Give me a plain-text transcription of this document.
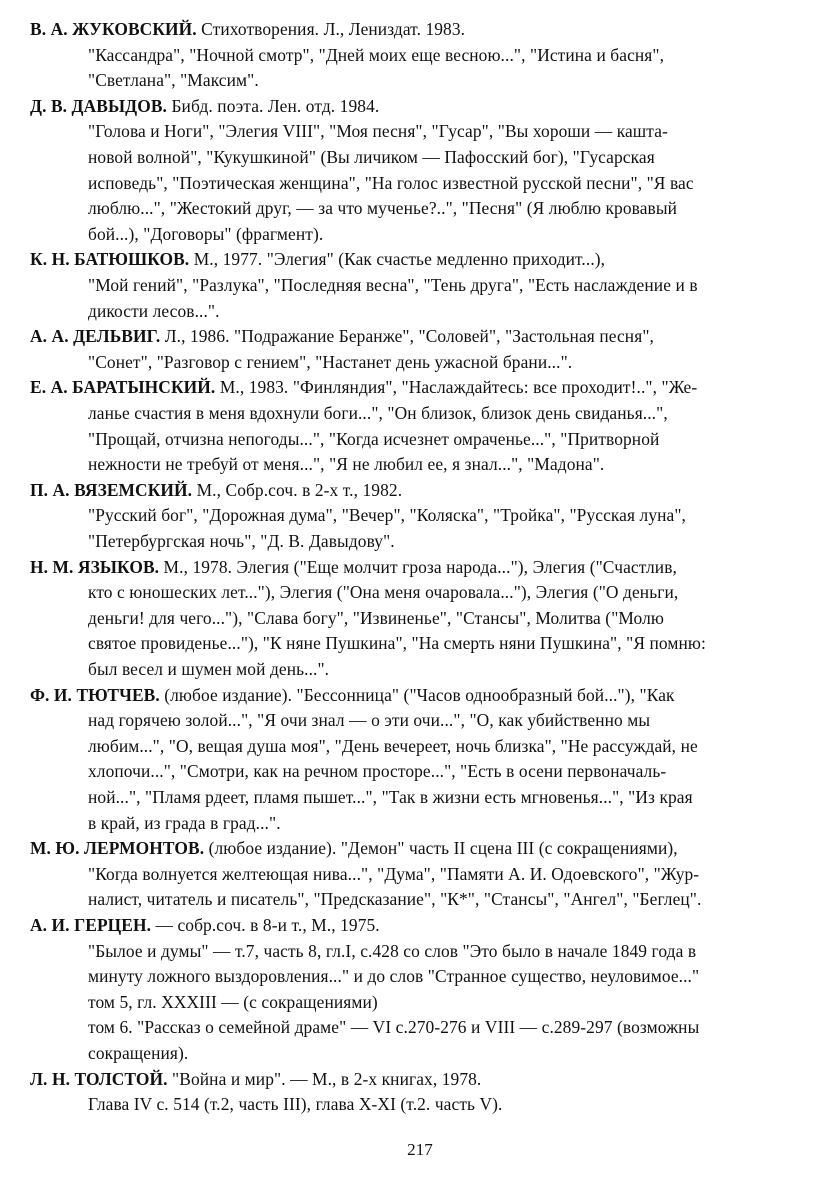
В. А. ЖУКОВСКИЙ. Стихотворения. Л., Лениздат. 1983.
"Кассандра", "Ночной смотр", "Дней моих еще весною...", "Истина и басня",
"Светлана", "Максим".
Д. В. ДАВЫДОВ. Бибд. поэта. Лен. отд. 1984.
"Голова и Ноги", "Элегия VIII", "Моя песня", "Гусар", "Вы хороши — кашта-
новой волной", "Кукушкиной" (Вы личиком — Пафосский бог), "Гусарская
исповедь", "Поэтическая женщина", "На голос известной русской песни", "Я вас
люблю...", "Жестокий друг, — за что мученье?..", "Песня" (Я люблю кровавый
бой...), "Договоры" (фрагмент).
К. Н. БАТЮШКОВ. М., 1977. "Элегия" (Как счастье медленно приходит...),
"Мой гений", "Разлука", "Последняя весна", "Тень друга", "Есть наслаждение и в
дикости лесов...".
А. А. ДЕЛЬВИГ. Л., 1986. "Подражание Беранже", "Соловей", "Застольная песня",
"Сонет", "Разговор с гением", "Настанет день ужасной брани...".
Е. А. БАРАТЫНСКИЙ. М., 1983. "Финляндия", "Наслаждайтесь: все проходит!..", "Же-
ланье счастия в меня вдохнули боги...", "Он близок, близок день свиданья...",
"Прощай, отчизна непогоды...", "Когда исчезнет омраченье...", "Притворной
нежности не требуй от меня...", "Я не любил ее, я знал...", "Мадона".
П. А. ВЯЗЕМСКИЙ. М., Собр.соч. в 2-х т., 1982.
"Русский бог", "Дорожная дума", "Вечер", "Коляска", "Тройка", "Русская луна",
"Петербургская ночь", "Д. В. Давыдову".
Н. М. ЯЗЫКОВ. М., 1978. Элегия ("Еще молчит гроза народа..."), Элегия ("Счастлив,
кто с юношеских лет..."), Элегия ("Она меня очаровала..."), Элегия ("О деньги,
деньги! для чего..."), "Слава богу", "Извиненье", "Стансы", Молитва ("Молю
святое провиденье..."), "К няне Пушкина", "На смерть няни Пушкина", "Я помню:
был весел и шумен мой день...".
Ф. И. ТЮТЧЕВ. (любое издание). "Бессонница" ("Часов однообразный бой..."), "Как
над горячею золой...", "Я очи знал — о эти очи...", "О, как убийственно мы
любим...", "О, вещая душа моя", "День вечереет, ночь близка", "Не рассуждай, не
хлопочи...", "Смотри, как на речном просторе...", "Есть в осени первоначаль-
ной...", "Пламя рдеет, пламя пышет...", "Так в жизни есть мгновенья...", "Из края
в край, из града в град...".
М. Ю. ЛЕРМОНТОВ. (любое издание). "Демон" часть II сцена III (с сокращениями),
"Когда волнуется желтеющая нива...", "Дума", "Памяти А. И. Одоевского", "Жур-
налист, читатель и писатель", "Предсказание", "К*", "Стансы", "Ангел", "Беглец".
А. И. ГЕРЦЕН. — собр.соч. в 8-и т., М., 1975.
"Былое и думы" — т.7, часть 8, гл.I, с.428 со слов "Это было в начале 1849 года в
минуту ложного выздоровления..." и до слов "Странное существо, неуловимое..."
том 5, гл. XXXIII — (с сокращениями)
том 6. "Рассказ о семейной драме" — VI с.270-276 и VIII — с.289-297 (возможны
сокращения).
Л. Н. ТОЛСТОЙ. "Война и мир". — М., в 2-х книгах, 1978.
Глава IV с. 514 (т.2, часть III), глава Х-ХI (т.2. часть V).
217
